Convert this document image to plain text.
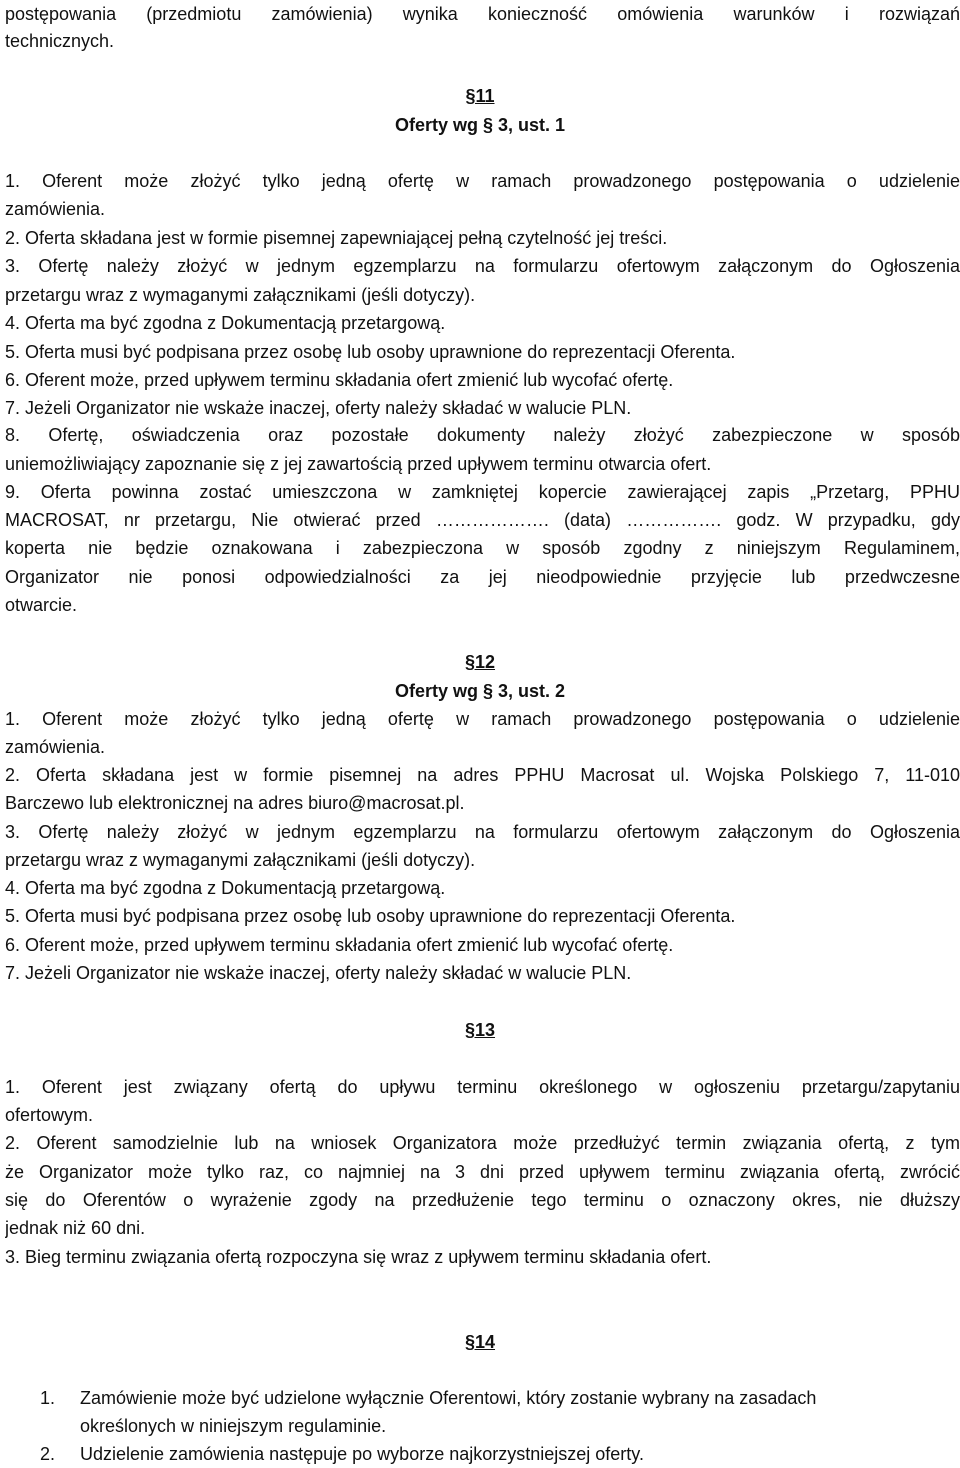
postępowania (przedmiotu zamówienia) wynika konieczność omówienia warunków i rozwiązań
technicznych.
§11
Oferty wg § 3, ust. 1
1. Oferent może złożyć tylko jedną ofertę w ramach prowadzonego postępowania o udzielenie
zamówienia.
2. Oferta składana jest w formie pisemnej zapewniającej pełną czytelność jej treści.
3. Ofertę należy złożyć w jednym egzemplarzu na formularzu ofertowym załączonym do Ogłoszenia
przetargu wraz z wymaganymi załącznikami (jeśli dotyczy).
4. Oferta ma być zgodna z Dokumentacją przetargową.
5. Oferta musi być podpisana przez osobę lub osoby uprawnione do reprezentacji Oferenta.
6. Oferent może, przed upływem terminu składania ofert zmienić lub wycofać ofertę.
7. Jeżeli Organizator nie wskaże inaczej, oferty należy składać w walucie PLN.
8. Ofertę, oświadczenia oraz pozostałe dokumenty należy złożyć zabezpieczone w sposób
uniemożliwiający zapoznanie się z jej zawartością przed upływem terminu otwarcia ofert.
9. Oferta powinna zostać umieszczona w zamkniętej kopercie zawierającej zapis „Przetarg, PPHU
MACROSAT, nr przetargu, Nie otwierać przed ………………. (data) ……………. godz. W przypadku, gdy
koperta nie będzie oznakowana i zabezpieczona w sposób zgodny z niniejszym Regulaminem,
Organizator nie ponosi odpowiedzialności za jej nieodpowiednie przyjęcie lub przedwczesne
otwarcie.
§12
Oferty wg § 3, ust. 2
1. Oferent może złożyć tylko jedną ofertę w ramach prowadzonego postępowania o udzielenie
zamówienia.
2. Oferta składana jest w formie pisemnej na adres PPHU Macrosat ul. Wojska Polskiego 7, 11-010
Barczewo lub elektronicznej na adres biuro@macrosat.pl.
3. Ofertę należy złożyć w jednym egzemplarzu na formularzu ofertowym załączonym do Ogłoszenia
przetargu wraz z wymaganymi załącznikami (jeśli dotyczy).
4. Oferta ma być zgodna z Dokumentacją przetargową.
5. Oferta musi być podpisana przez osobę lub osoby uprawnione do reprezentacji Oferenta.
6. Oferent może, przed upływem terminu składania ofert zmienić lub wycofać ofertę.
7. Jeżeli Organizator nie wskaże inaczej, oferty należy składać w walucie PLN.
§13
1. Oferent jest związany ofertą do upływu terminu określonego w ogłoszeniu przetargu/zapytaniu
ofertowym.
2. Oferent samodzielnie lub na wniosek Organizatora może przedłużyć termin związania ofertą, z tym
że Organizator może tylko raz, co najmniej na 3 dni przed upływem terminu związania ofertą, zwrócić
się do Oferentów o wyrażenie zgody na przedłużenie tego terminu o oznaczony okres, nie dłuższy
jednak niż 60 dni.
3. Bieg terminu związania ofertą rozpoczyna się wraz z upływem terminu składania ofert.
§14
1. Zamówienie może być udzielone wyłącznie Oferentowi, który zostanie wybrany na zasadach
określonych w niniejszym regulaminie.
2. Udzielenie zamówienia następuje po wyborze najkorzystniejszej oferty.
